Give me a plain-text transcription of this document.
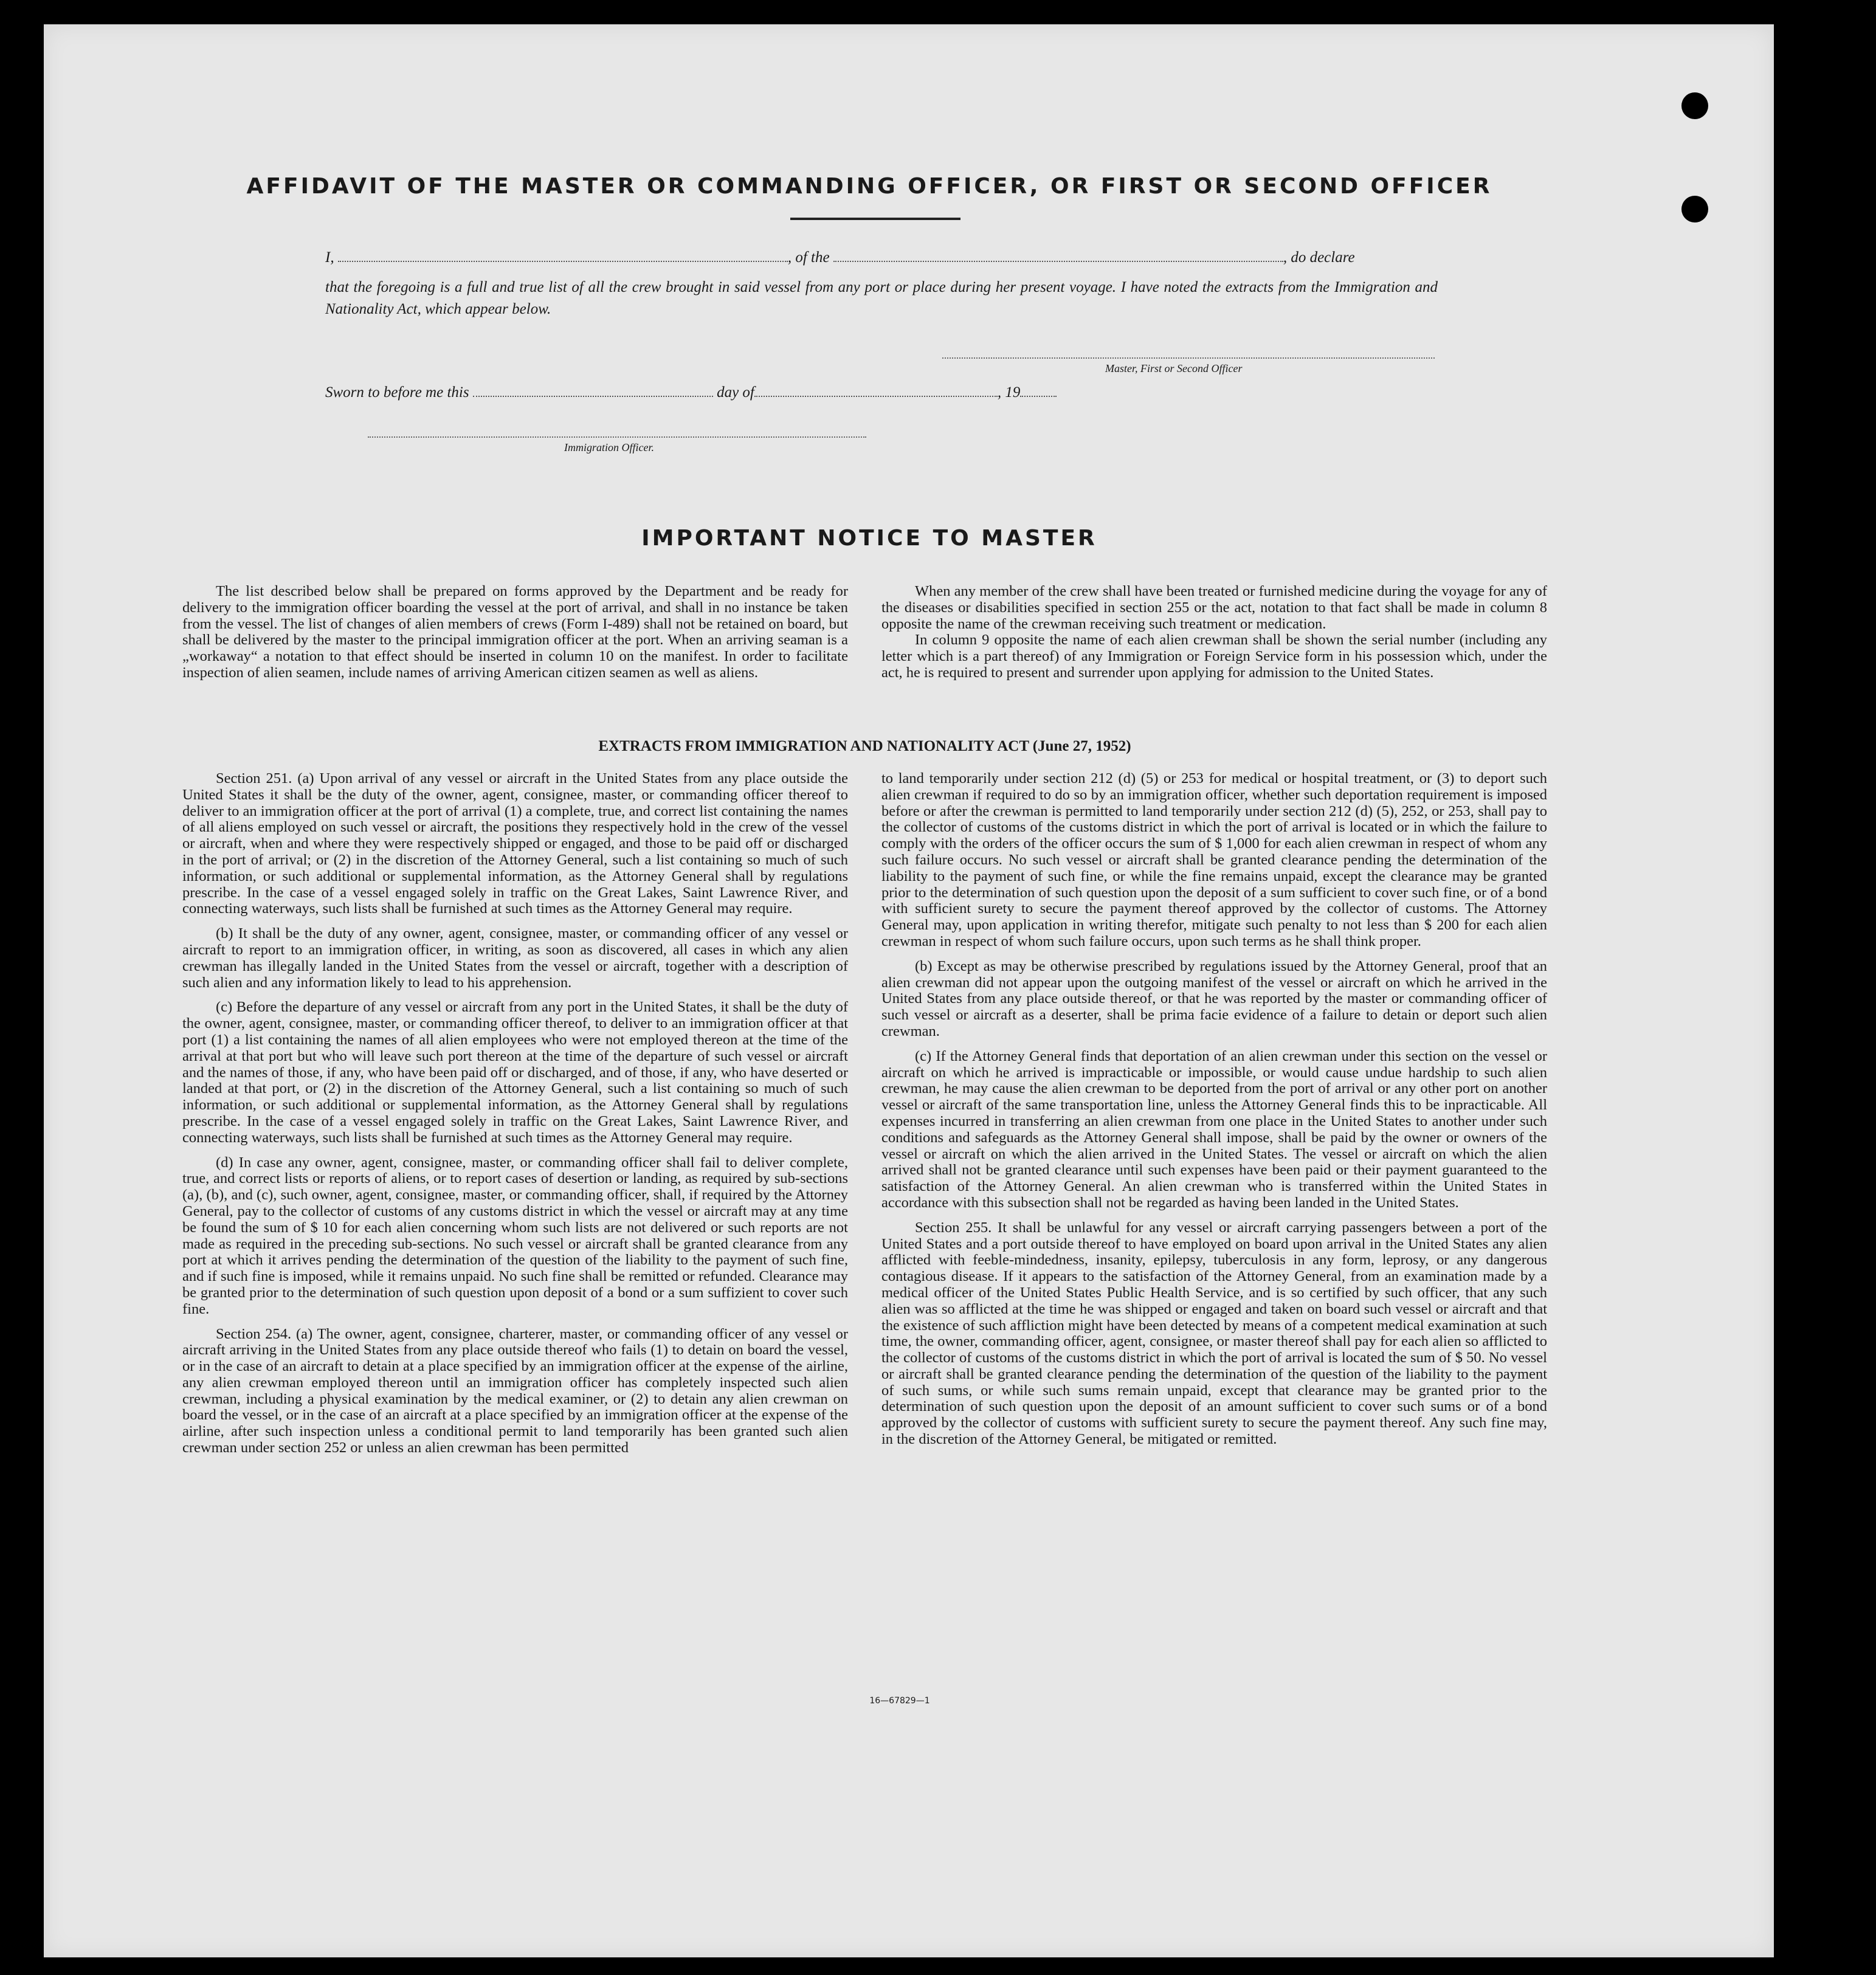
AFFIDAVIT OF THE MASTER OR COMMANDING OFFICER, OR FIRST OR SECOND OFFICER
I,	, of the	, do declare
that the foregoing is a full and true list of all the crew brought in said vessel from any port or place during her present voyage. I have noted the extracts from the Immigration and Nationality Act, which appear below.
Master, First or Second Officer
Sworn to before me this	day of	, 19
Immigration Officer.
IMPORTANT NOTICE TO MASTER

The list described below shall be prepared on forms approved by the Department and be ready for delivery to the immigration officer boarding the vessel at the port of arrival, and shall in no instance be taken from the vessel. The list of changes of alien members of crews (Form I-489) shall not be retained on board, but shall be delivered by the master to the principal immigration officer at the port. When an arriving seaman is a „workaway“ a notation to that effect should be inserted in column 10 on the manifest. In order to facilitate inspection of alien seamen, include names of arriving American citizen seamen as well as aliens.

When any member of the crew shall have been treated or furnished medicine during the voyage for any of the diseases or disabilities specified in section 255 or the act, notation to that fact shall be made in column 8 opposite the name of the crewman receiving such treatment or medication.

In column 9 opposite the name of each alien crewman shall be shown the serial number (including any letter which is a part thereof) of any Immigration or Foreign Service form in his possession which, under the act, he is required to present and surrender upon applying for admission to the United States.

EXTRACTS FROM IMMIGRATION AND NATIONALITY ACT (June 27, 1952)

Section 251. (a) Upon arrival of any vessel or aircraft in the United States from any place outside the United States it shall be the duty of the owner, agent, consignee, master, or commanding officer thereof to deliver to an immigration officer at the port of arrival (1) a complete, true, and correct list containing the names of all aliens employed on such vessel or aircraft, the positions they respectively hold in the crew of the vessel or aircraft, when and where they were respectively shipped or engaged, and those to be paid off or discharged in the port of arrival; or (2) in the discretion of the Attorney General, such a list containing so much of such information, or such additional or supplemental information, as the Attorney General shall by regulations prescribe. In the case of a vessel engaged solely in traffic on the Great Lakes, Saint Lawrence River, and connecting waterways, such lists shall be furnished at such times as the Attorney General may require.

(b) It shall be the duty of any owner, agent, consignee, master, or commanding officer of any vessel or aircraft to report to an immigration officer, in writing, as soon as discovered, all cases in which any alien crewman has illegally landed in the United States from the vessel or aircraft, together with a description of such alien and any information likely to lead to his apprehension.

(c) Before the departure of any vessel or aircraft from any port in the United States, it shall be the duty of the owner, agent, consignee, master, or commanding officer thereof, to deliver to an immigration officer at that port (1) a list containing the names of all alien employees who were not employed thereon at the time of the arrival at that port but who will leave such port thereon at the time of the departure of such vessel or aircraft and the names of those, if any, who have been paid off or discharged, and of those, if any, who have deserted or landed at that port, or (2) in the discretion of the Attorney General, such a list containing so much of such information, or such additional or supplemental information, as the Attorney General shall by regulations prescribe. In the case of a vessel engaged solely in traffic on the Great Lakes, Saint Lawrence River, and connecting waterways, such lists shall be furnished at such times as the Attorney General may require.

(d) In case any owner, agent, consignee, master, or commanding officer shall fail to deliver complete, true, and correct lists or reports of aliens, or to report cases of desertion or landing, as required by sub-sections (a), (b), and (c), such owner, agent, consignee, master, or commanding officer, shall, if required by the Attorney General, pay to the collector of customs of any customs district in which the vessel or aircraft may at any time be found the sum of $ 10 for each alien concerning whom such lists are not delivered or such reports are not made as required in the preceding sub-sections. No such vessel or aircraft shall be granted clearance from any port at which it arrives pending the determination of the question of the liability to the payment of such fine, and if such fine is imposed, while it remains unpaid. No such fine shall be remitted or refunded. Clearance may be granted prior to the determination of such question upon deposit of a bond or a sum suffizient to cover such fine.

Section 254. (a) The owner, agent, consignee, charterer, master, or commanding officer of any vessel or aircraft arriving in the United States from any place outside thereof who fails (1) to detain on board the vessel, or in the case of an aircraft to detain at a place specified by an immigration officer at the expense of the airline, any alien crewman employed thereon until an immigration officer has completely inspected such alien crewman, including a physical examination by the medical examiner, or (2) to detain any alien crewman on board the vessel, or in the case of an aircraft at a place specified by an immigration officer at the expense of the airline, after such inspection unless a conditional permit to land temporarily has been granted such alien crewman under section 252 or unless an alien crewman has been permitted

to land temporarily under section 212 (d) (5) or 253 for medical or hospital treatment, or (3) to deport such alien crewman if required to do so by an immigration officer, whether such deportation requirement is imposed before or after the crewman is permitted to land temporarily under section 212 (d) (5), 252, or 253, shall pay to the collector of customs of the customs district in which the port of arrival is located or in which the failure to comply with the orders of the officer occurs the sum of $ 1,000 for each alien crewman in respect of whom any such failure occurs. No such vessel or aircraft shall be granted clearance pending the determination of the liability to the payment of such fine, or while the fine remains unpaid, except the clearance may be granted prior to the determination of such question upon the deposit of a sum sufficient to cover such fine, or of a bond with sufficient surety to secure the payment thereof approved by the collector of customs. The Attorney General may, upon application in writing therefor, mitigate such penalty to not less than $ 200 for each alien crewman in respect of whom such failure occurs, upon such terms as he shall think proper.

(b) Except as may be otherwise prescribed by regulations issued by the Attorney General, proof that an alien crewman did not appear upon the outgoing manifest of the vessel or aircraft on which he arrived in the United States from any place outside thereof, or that he was reported by the master or commanding officer of such vessel or aircraft as a deserter, shall be prima facie evidence of a failure to detain or deport such alien crewman.

(c) If the Attorney General finds that deportation of an alien crewman under this section on the vessel or aircraft on which he arrived is impracticable or impossible, or would cause undue hardship to such alien crewman, he may cause the alien crewman to be deported from the port of arrival or any other port on another vessel or aircraft of the same transportation line, unless the Attorney General finds this to be inpracticable. All expenses incurred in transferring an alien crewman from one place in the United States to another under such conditions and safeguards as the Attorney General shall impose, shall be paid by the owner or owners of the vessel or aircraft on which the alien arrived in the United States. The vessel or aircraft on which the alien arrived shall not be granted clearance until such expenses have been paid or their payment guaranteed to the satisfaction of the Attorney General. An alien crewman who is transferred within the United States in accordance with this subsection shall not be regarded as having been landed in the United States.

Section 255. It shall be unlawful for any vessel or aircraft carrying passengers between a port of the United States and a port outside thereof to have employed on board upon arrival in the United States any alien afflicted with feeble-mindedness, insanity, epilepsy, tuberculosis in any form, leprosy, or any dangerous contagious disease. If it appears to the satisfaction of the Attorney General, from an examination made by a medical officer of the United States Public Health Service, and is so certified by such officer, that any such alien was so afflicted at the time he was shipped or engaged and taken on board such vessel or aircraft and that the existence of such affliction might have been detected by means of a competent medical examination at such time, the owner, commanding officer, agent, consignee, or master thereof shall pay for each alien so afflicted to the collector of customs of the customs district in which the port of arrival is located the sum of $ 50. No vessel or aircraft shall be granted clearance pending the determination of the question of the liability to the payment of such sums, or while such sums remain unpaid, except that clearance may be granted prior to the determination of such question upon the deposit of an amount sufficient to cover such sums or of a bond approved by the collector of customs with sufficient surety to secure the payment thereof. Any such fine may, in the discretion of the Attorney General, be mitigated or remitted.

16—67829—1
